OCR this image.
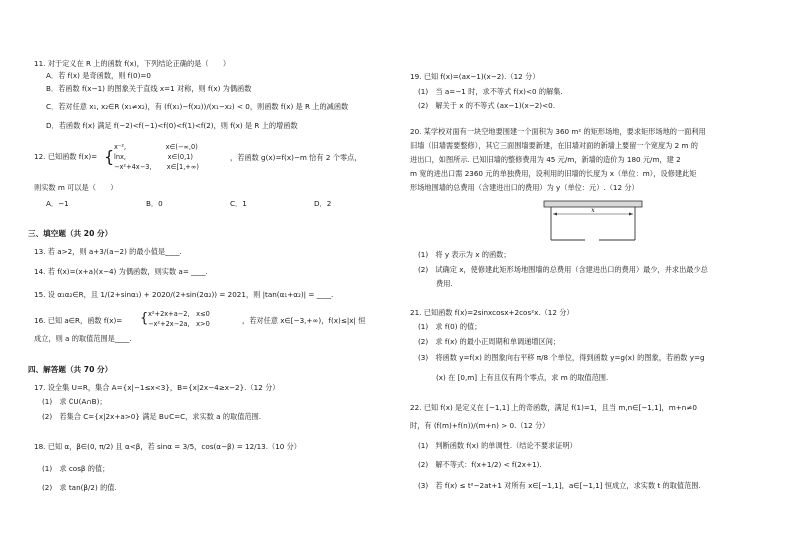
11. 对于定义在 R 上的函数 f(x)，下列结论正确的是（　　）
A．若 f(x) 是奇函数，则 f(0)=0
B．若函数 f(x−1) 的图象关于直线 x=1 对称，则 f(x) 为偶函数
C．若对任意 x₁, x₂∈R (x₁≠x₂)，有 (f(x₁)−f(x₂))/(x₁−x₂) < 0，则函数 f(x) 是 R 上的减函数
D．若函数 f(x) 满足 f(−2)<f(−1)<f(0)<f(1)<f(2)，则 f(x) 是 R 上的增函数
12. 已知函数 f(x)= { x⁻²,　　　　　　x∈(−∞,0)
lnx,　　　　　　 x∈(0,1)
−x²+4x−3,　　 x∈[1,+∞)
，若函数 g(x)=f(x)−m 恰有 2 个零点，
则实数 m 可以是（　　）
A．−1	B．0	C．1	D．2
三、填空题（共 20 分）
13. 若 a>2，则 a+3/(a−2) 的最小值是____.
14. 若 f(x)=(x+a)(x−4) 为偶函数，则实数 a= ____.
15. 设 α₁α₂∈R，且 1/(2+sinα₁) + 2020/(2+sin(2α₂)) = 2021，则 |tan(α₁+α₂)| = ____.
16. 已知 a∈R，函数 f(x)= { x²+2x+a−2,　x≤0
−x²+2x−2a,　x>0	，若对任意 x∈[−3,+∞)，f(x)≤|x| 恒
成立，则 a 的取值范围是____.
四、解答题（共 70 分）
17. 设全集 U=R，集合 A={x|−1≤x<3}，B={x|2x−4≥x−2}.（12 分）
(1)　求 ∁U(A∩B)；
(2)　若集合 C={x|2x+a>0} 满足 B∪C=C，求实数 a 的取值范围.
18. 已知 α，β∈(0, π/2) 且 α<β，若 sinα = 3/5，cos(α−β) = 12/13.（10 分）
(1)　求 cosβ 的值；
(2)　求 tan(β/2) 的值.
19. 已知 f(x)=(ax−1)(x−2).（12 分）
(1)　当 a=−1 时，求不等式 f(x)<0 的解集.
(2)　解关于 x 的不等式 (ax−1)(x−2)<0.
20. 某学校对面有一块空地要围建一个面积为 360 m² 的矩形场地，要求矩形场地的一面利用
旧墙（旧墙需要整修），其它三面围墙要新建，在旧墙对面的新墙上要留一个宽度为 2 m 的
进出口，如图所示. 已知旧墙的整修费用为 45 元/m，新墙的造价为 180 元/m，建 2
m 宽的进出口需 2360 元的单独费用，设利用的旧墙的长度为 x（单位：m），设修建此矩
形场地围墙的总费用（含建进出口的费用）为 y（单位：元）.（12 分）
x
(1)　将 y 表示为 x 的函数；
(2)　试确定 x，使修建此矩形场地围墙的总费用（含建进出口的费用）最少，并求出最少总
费用.
21. 已知函数 f(x)=2sinxcosx+2cos²x.（12 分）
(1)　求 f(0) 的值；
(2)　求 f(x) 的最小正周期和单调递增区间；
(3)　将函数 y=f(x) 的图象向右平移 π/8 个单位，得到函数 y=g(x) 的图象，若函数 y=g
(x) 在 [0,m] 上有且仅有两个零点，求 m 的取值范围.
22. 已知 f(x) 是定义在 [−1,1] 上的奇函数，满足 f(1)=1，且当 m,n∈[−1,1]，m+n≠0
时，有 (f(m)+f(n))/(m+n) > 0.（12 分）
(1)　判断函数 f(x) 的单调性.（结论不要求证明）
(2)　解不等式：f(x+1/2) < f(2x+1).
(3)　若 f(x) ≤ t²−2at+1 对所有 x∈[−1,1]，a∈[−1,1] 恒成立，求实数 t 的取值范围.
